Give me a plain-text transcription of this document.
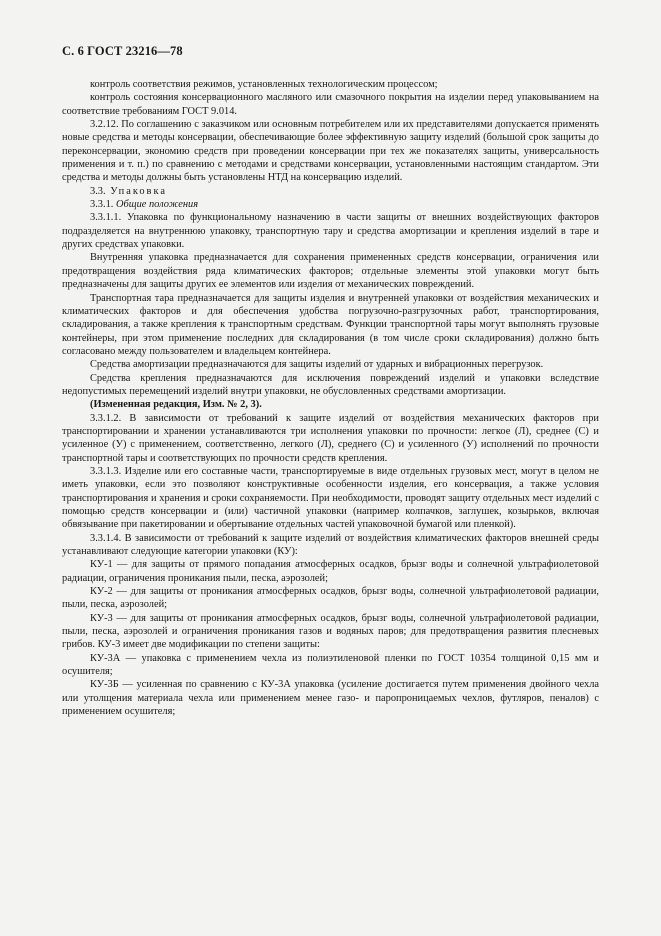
С. 6 ГОСТ 23216—78

контроль соответствия режимов, установленных технологическим процессом;

контроль состояния консервационного масляного или смазочного покрытия на изделии перед упаковыванием на соответствие требованиям ГОСТ 9.014.

3.2.12. По соглашению с заказчиком или основным потребителем или их представителями допускается применять новые средства и методы консервации, обеспечивающие более эффективную защиту изделий (большой срок защиты до переконсервации, экономию средств при проведении консервации при тех же показателях защиты, универсальность применения и т. п.) по сравнению с методами и средствами консервации, установленными настоящим стандартом. Эти средства и методы должны быть установлены НТД на консервацию изделий.

3.3. Упаковка

3.3.1. Общие положения

3.3.1.1. Упаковка по функциональному назначению в части защиты от внешних воздействующих факторов подразделяется на внутреннюю упаковку, транспортную тару и средства амортизации и крепления изделий в таре и других средствах упаковки.

Внутренняя упаковка предназначается для сохранения примененных средств консервации, ограничения или предотвращения воздействия ряда климатических факторов; отдельные элементы этой упаковки могут быть предназначены для защиты других ее элементов или изделия от механических повреждений.

Транспортная тара предназначается для защиты изделия и внутренней упаковки от воздействия механических и климатических факторов и для обеспечения удобства погрузочно-разгрузочных работ, транспортирования, складирования, а также крепления к транспортным средствам. Функции транспортной тары могут выполнять грузовые контейнеры, при этом применение последних для складирования (в том числе сроки складирования) должно быть согласовано между пользователем и владельцем контейнера.

Средства амортизации предназначаются для защиты изделий от ударных и вибрационных перегрузок.

Средства крепления предназначаются для исключения повреждений изделий и упаковки вследствие недопустимых перемещений изделий внутри упаковки, не обусловленных средствами амортизации.

(Измененная редакция, Изм. № 2, 3).

3.3.1.2. В зависимости от требований к защите изделий от воздействия механических факторов при транспортировании и хранении устанавливаются три исполнения упаковки по прочности: легкое (Л), среднее (С) и усиленное (У) с применением, соответственно, легкого (Л), среднего (С) и усиленного (У) исполнений по прочности транспортной тары и соответствующих по прочности средств крепления.

3.3.1.3. Изделие или его составные части, транспортируемые в виде отдельных грузовых мест, могут в целом не иметь упаковки, если это позволяют конструктивные особенности изделия, его консервация, а также условия транспортирования и хранения и сроки сохраняемости. При необходимости, проводят защиту отдельных мест изделий с помощью средств консервации и (или) частичной упаковки (например колпачков, заглушек, козырьков, включая обвязывание при пакетировании и обертывание отдельных частей упаковочной бумагой или пленкой).

3.3.1.4. В зависимости от требований к защите изделий от воздействия климатических факторов внешней среды устанавливают следующие категории упаковки (КУ):

КУ-1 — для защиты от прямого попадания атмосферных осадков, брызг воды и солнечной ультрафиолетовой радиации, ограничения проникания пыли, песка, аэрозолей;

КУ-2 — для защиты от проникания атмосферных осадков, брызг воды, солнечной ультрафиолетовой радиации, пыли, песка, аэрозолей;

КУ-3 — для защиты от проникания атмосферных осадков, брызг воды, солнечной ультрафиолетовой радиации, пыли, песка, аэрозолей и ограничения проникания газов и водяных паров; для предотвращения развития плесневых грибов. КУ-3 имеет две модификации по степени защиты:

КУ-3А — упаковка с применением чехла из полиэтиленовой пленки по ГОСТ 10354 толщиной 0,15 мм и осушителя;

КУ-3Б — усиленная по сравнению с КУ-3А упаковка (усиление достигается путем применения двойного чехла или утолщения материала чехла или применением менее газо- и паропроницаемых чехлов, футляров, пеналов) с применением осушителя;
